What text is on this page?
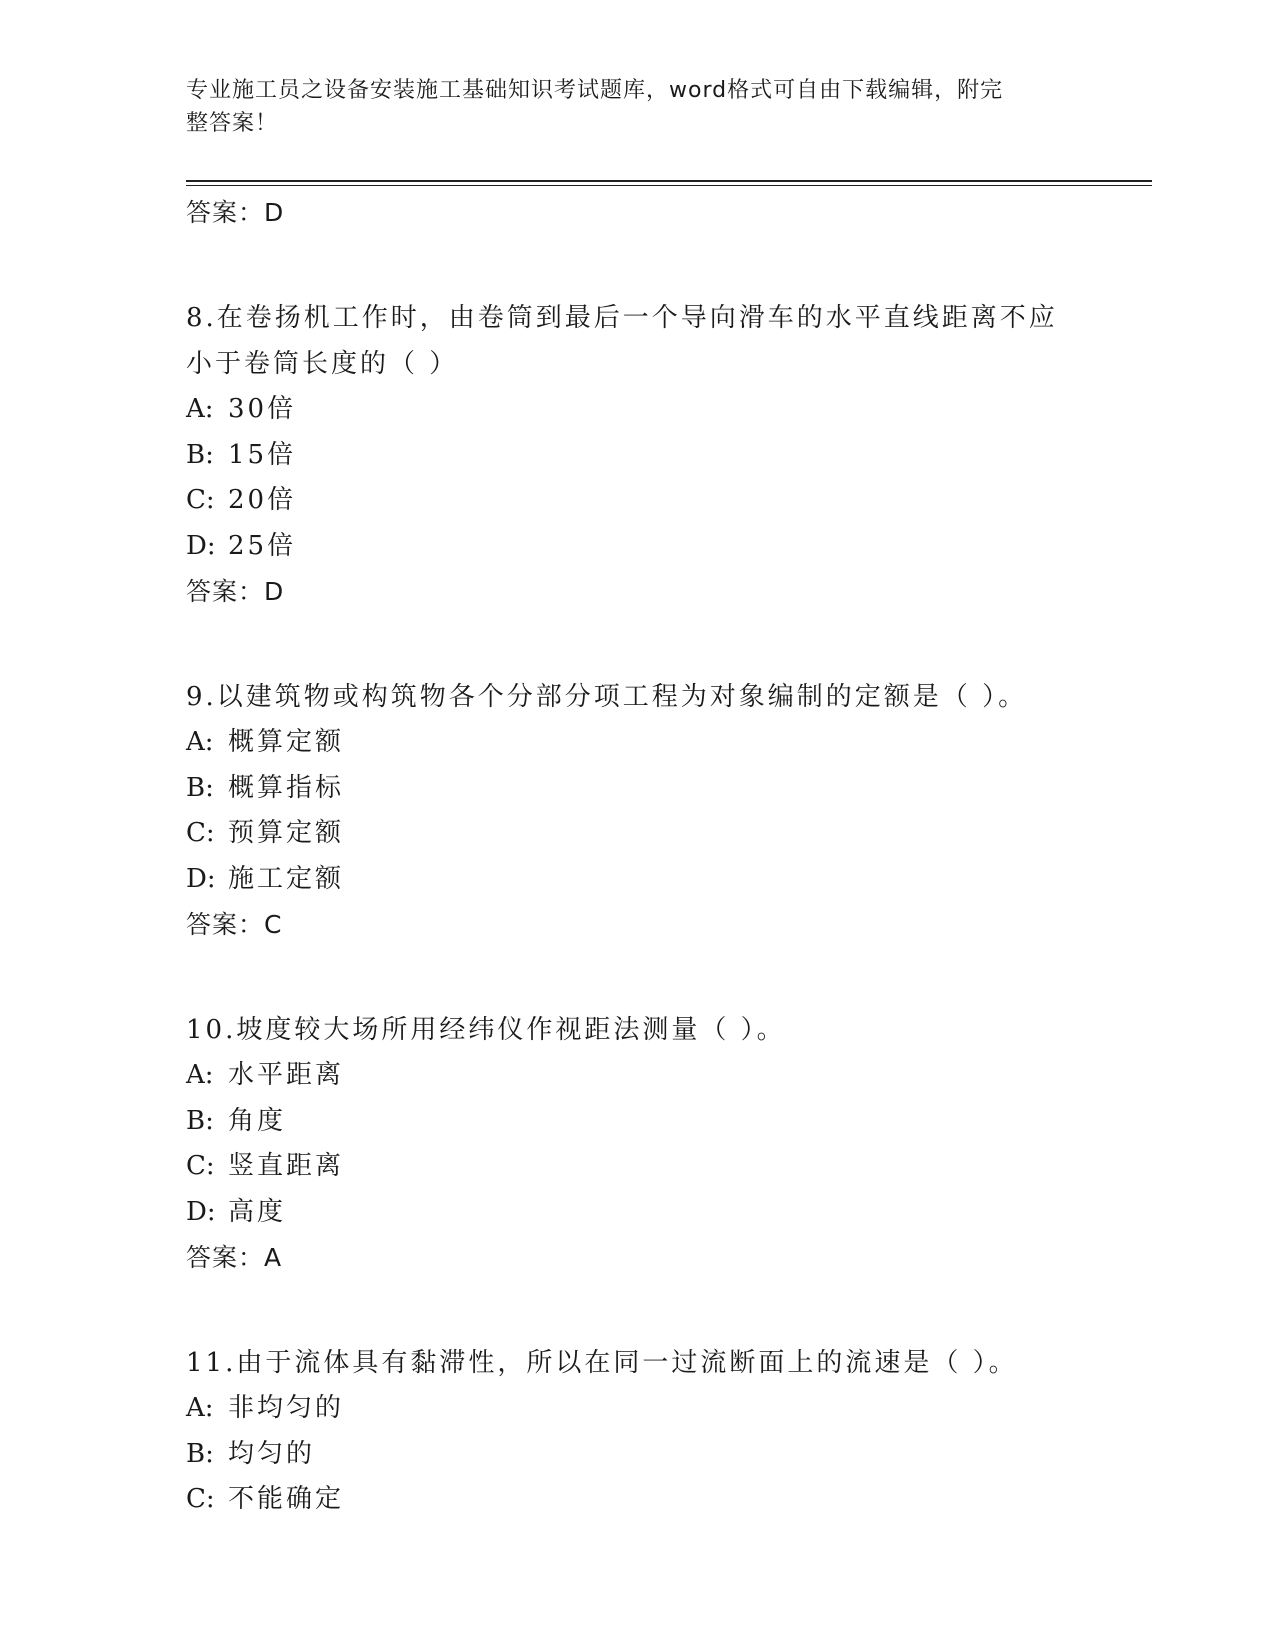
专业施工员之设备安装施工基础知识考试题库，word格式可自由下载编辑，附完
整答案！
答案：D
8.在卷扬机工作时，由卷筒到最后一个导向滑车的水平直线距离不应小于卷筒长度的（ ）
A: 30倍
B: 15倍
C: 20倍
D: 25倍
答案：D
9.以建筑物或构筑物各个分部分项工程为对象编制的定额是（ ）。
A: 概算定额
B: 概算指标
C: 预算定额
D: 施工定额
答案：C
10.坡度较大场所用经纬仪作视距法测量（ ）。
A: 水平距离
B: 角度
C: 竖直距离
D: 高度
答案：A
11.由于流体具有黏滞性，所以在同一过流断面上的流速是（ ）。
A: 非均匀的
B: 均匀的
C: 不能确定
